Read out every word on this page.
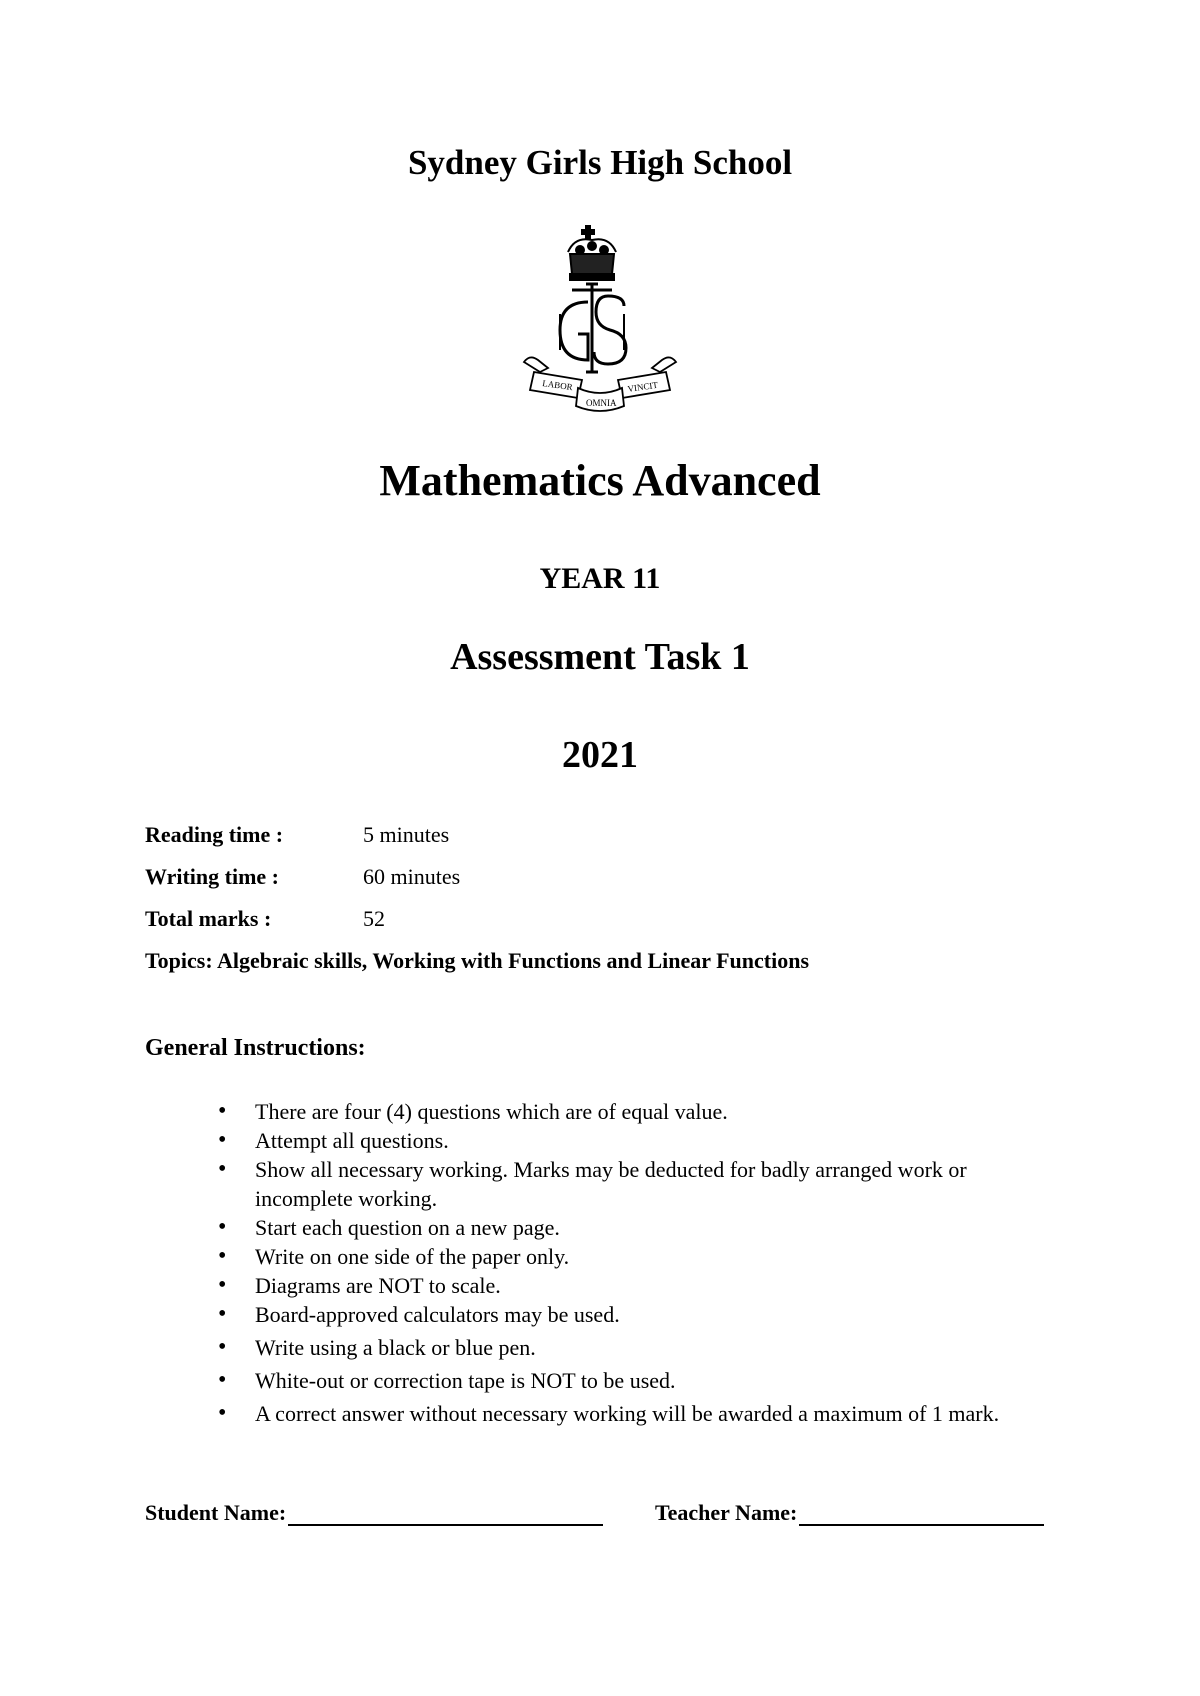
Sydney Girls High School
LABOR
OMNIA
VINCIT
Mathematics Advanced
YEAR 11
Assessment Task 1
2021
Reading time :	5 minutes
Writing time :	60 minutes
Total marks :	52
Topics: Algebraic skills, Working with Functions and Linear Functions
General Instructions:
• There are four (4) questions which are of equal value.
• Attempt all questions.
• Show all necessary working. Marks may be deducted for badly arranged work or incomplete working.
• Start each question on a new page.
• Write on one side of the paper only.
• Diagrams are NOT to scale.
• Board-approved calculators may be used.
• Write using a black or blue pen.
• White-out or correction tape is NOT to be used.
• A correct answer without necessary working will be awarded a maximum of 1 mark.
Student Name:	Teacher Name:
